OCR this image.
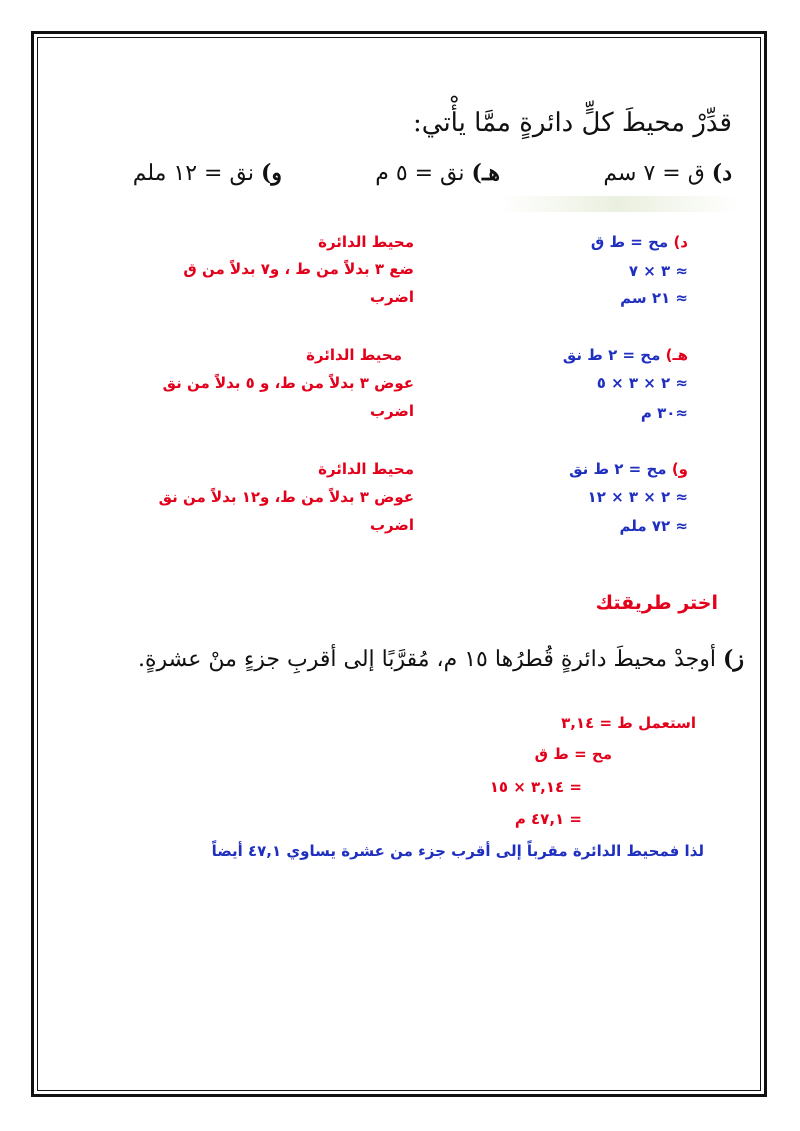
قدِّرْ محيطَ كلٍّ دائرةٍ ممَّا يأْتي:
د) ق = ٧ سم
هـ) نق = ٥ م
و) نق = ١٢ ملم
د) مح = ط ق
≈ ٣ × ٧
≈ ٢١ سم
محيط الدائرة
ضع ٣ بدلاً من ط ، و٧ بدلاً من ق
اضرب
هـ) مح = ٢ ط نق
≈ ٢ × ٣ × ٥
≈٣٠ م
محيط الدائرة
عوض ٣ بدلاً من ط، و ٥ بدلاً من نق
اضرب
و) مح = ٢ ط نق
≈ ٢ × ٣ × ١٢
≈ ٧٢ ملم
محيط الدائرة
عوض ٣ بدلاً من ط، و١٢ بدلاً من نق
اضرب
اختر طريقتك
ز) أوجدْ محيطَ دائرةٍ قُطرُها ١٥ م، مُقرَّبًا إلى أقربِ جزءٍ منْ عشرةٍ.
استعمل ط = ٣,١٤
مح = ط ق
= ٣,١٤ × ١٥
= ٤٧,١ م
لذا فمحيط الدائرة مقرباً إلى أقرب جزء من عشرة يساوي ٤٧,١ أيضاً
